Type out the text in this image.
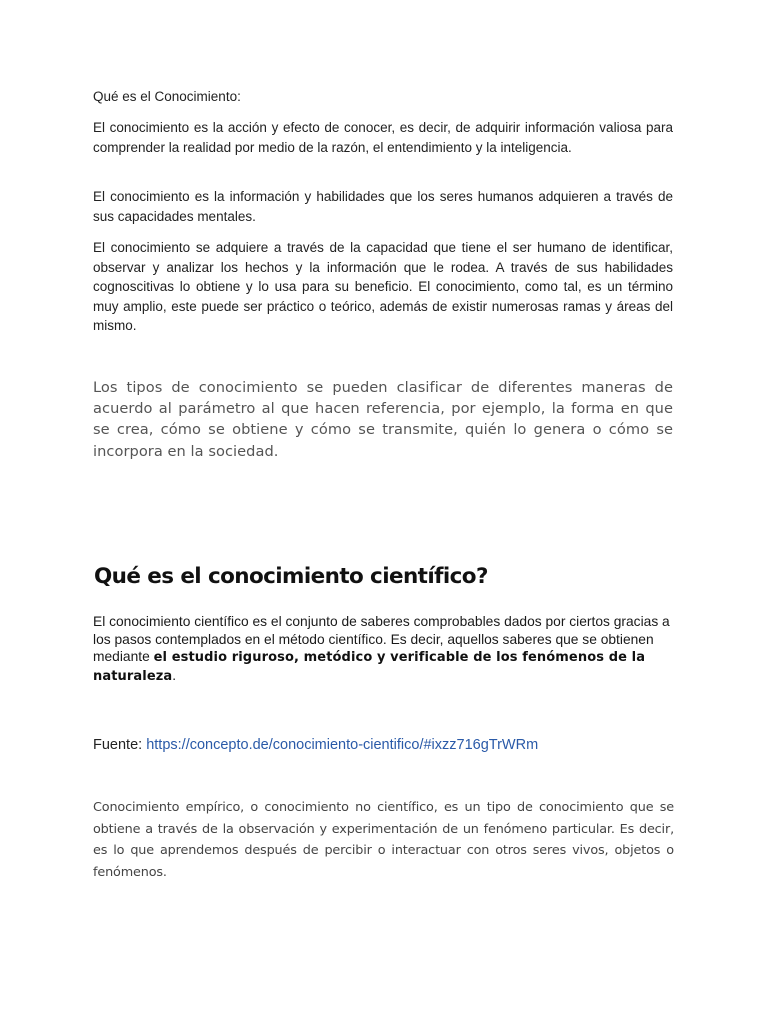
Qué es el Conocimiento:

El conocimiento es la acción y efecto de conocer, es decir, de adquirir información valiosa para comprender la realidad por medio de la razón, el entendimiento y la inteligencia.

El conocimiento es la información y habilidades que los seres humanos adquieren a través de sus capacidades mentales.

El conocimiento se adquiere a través de la capacidad que tiene el ser humano de identificar, observar y analizar los hechos y la información que le rodea. A través de sus habilidades cognoscitivas lo obtiene y lo usa para su beneficio. El conocimiento, como tal, es un término muy amplio, este puede ser práctico o teórico, además de existir numerosas ramas y áreas del mismo.

Los tipos de conocimiento se pueden clasificar de diferentes maneras de acuerdo al parámetro al que hacen referencia, por ejemplo, la forma en que se crea, cómo se obtiene y cómo se transmite, quién lo genera o cómo se incorpora en la sociedad.

Qué es el conocimiento científico?

El conocimiento científico es el conjunto de saberes comprobables dados por ciertos gracias a los pasos contemplados en el método científico. Es decir, aquellos saberes que se obtienen mediante el estudio riguroso, metódico y verificable de los fenómenos de la naturaleza.

Fuente: https://concepto.de/conocimiento-cientifico/#ixzz716gTrWRm

Conocimiento empírico, o conocimiento no científico, es un tipo de conocimiento que se obtiene a través de la observación y experimentación de un fenómeno particular. Es decir, es lo que aprendemos después de percibir o interactuar con otros seres vivos, objetos o fenómenos.
